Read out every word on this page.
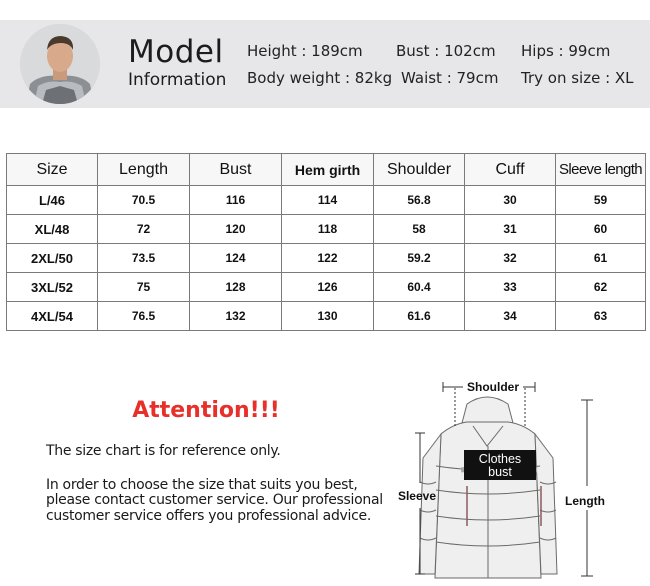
Model
Information
Height : 189cm Bust : 102cm Hips : 99cm
Body weight : 82kg Waist : 79cm Try on size : XL
Size	Length	Bust	Hem girth	Shoulder	Cuff	Sleeve length
L/46	70.5	116	114	56.8	30	59
XL/48	72	120	118	58	31	60
2XL/50	73.5	124	122	59.2	32	61
3XL/52	75	128	126	60.4	33	62
4XL/54	76.5	132	130	61.6	34	63
Attention!!!
The size chart is for reference only.
In order to choose the size that suits you best,
please contact customer service. Our professional
customer service offers you professional advice.
Shoulder
Sleeve	Length
Clothes
bust
